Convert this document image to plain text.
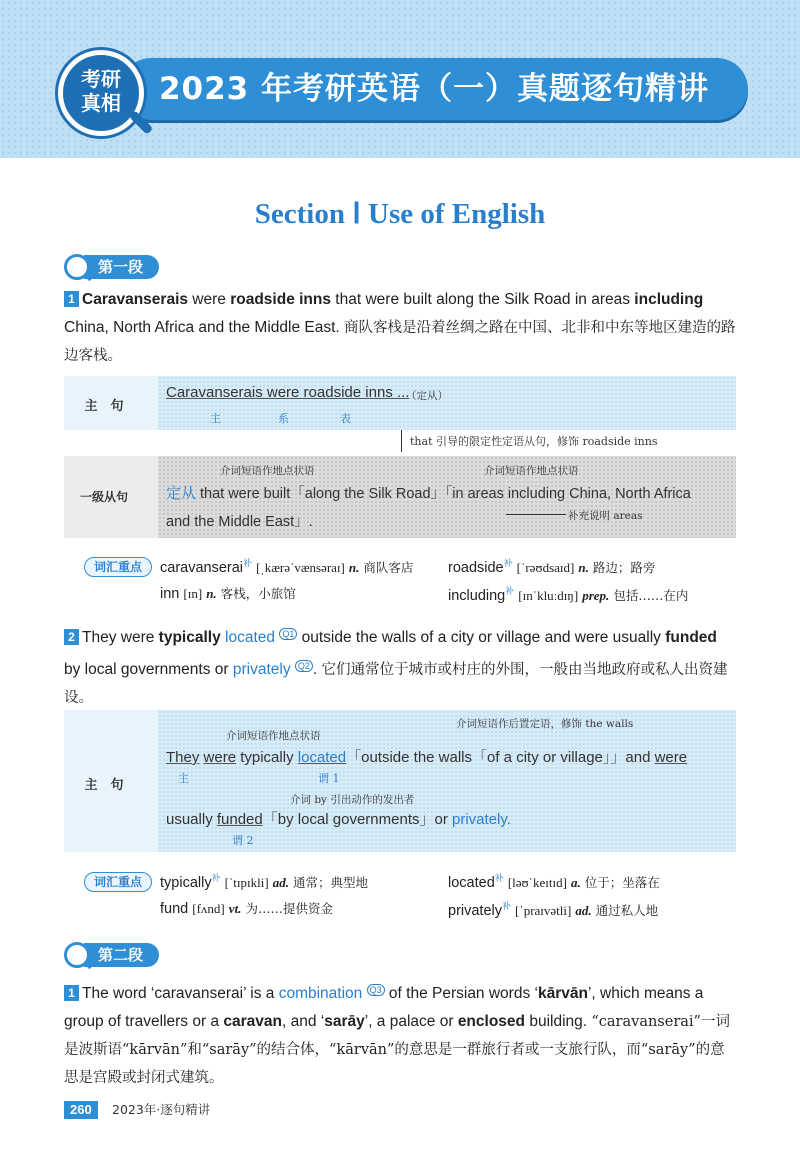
2023 年考研英语（一）真题逐句精讲
考研
真相
Section Ⅰ Use of English
第一段
1 Caravanserais were roadside inns that were built along the Silk Road in areas including China, North Africa and the Middle East. 商队客栈是沿着丝绸之路在中国、北非和中东等地区建造的路边客栈。
主　句
Caravanserais were roadside inns ...
（定从）
主	系	表
that 引导的限定性定语从句，修饰 roadside inns
一级从句
介词短语作地点状语	介词短语作地点状语
定从 that were built「along the Silk Road」「in areas including China, North Africa
and the Middle East」.	补充说明 areas
词汇重点	caravanserai$^补$ [ˌkærəˈvænsəraɪ] n. 商队客店 roadside$^补$ [ˈrəʊdsaɪd] n. 路边；路旁
inn [ɪn] n. 客栈，小旅馆	including$^补$ [ɪnˈkluːdɪŋ] prep. 包括……在内
2 They were typically located $^{Q1}$ outside the walls of a city or village and were usually funded by local governments or privately $^{Q2}$ . 它们通常位于城市或村庄的外围，一般由当地政府或私人出资建设。
主　句
介词短语作后置定语，修饰 the walls
介词短语作地点状语
They were typically located「outside the walls「of a city or village」」and were
主	谓 1
介词 by 引出动作的发出者
usually funded「by local governments」or privately.
谓 2
词汇重点	typically$^补$ [ˈtɪpɪkli] ad. 通常；典型地	located$^补$ [ləʊˈkeɪtɪd] a. 位于；坐落在
fund [fʌnd] vt. 为……提供资金	privately$^补$ [ˈpraɪvətli] ad. 通过私人地
第二段
1 The word ‘caravanserai’ is a combination $^{Q3}$ of the Persian words ‘kārvān’, which means a group of travellers or a caravan, and ‘sarāy’, a palace or enclosed building. “caravanserai”一词是波斯语“kārvān”和“sarāy”的结合体，“kārvān”的意思是一群旅行者或一支旅行队，而“sarāy”的意思是宫殿或封闭式建筑。
260	2023年·逐句精讲
